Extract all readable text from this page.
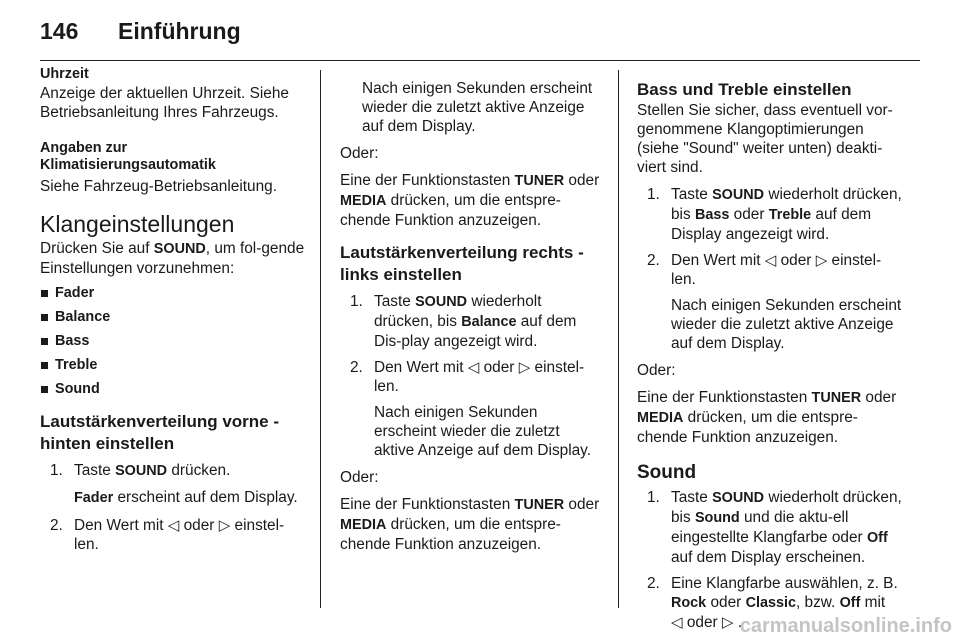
146 Einführung
Uhrzeit

Anzeige der aktuellen Uhrzeit. Siehe Betriebsanleitung Ihres Fahrzeugs.

Angaben zur
Klimatisierungsautomatik

Siehe Fahrzeug-Betriebsanleitung.

Klangeinstellungen

Drücken Sie auf SOUND, um fol-gende Einstellungen vorzunehmen:

Fader
Balance
Bass
Treble
Sound
Lautstärkenverteilung vorne - hinten einstellen
1. Taste SOUND drücken.
Fader erscheint auf dem Display.
2. Den Wert mit ◁ oder ▷ einstel-len.
Nach einigen Sekunden erscheint wieder die zuletzt aktive Anzeige auf dem Display.

Oder:

Eine der Funktionstasten TUNER oder MEDIA drücken, um die entspre-chende Funktion anzuzeigen.

Lautstärkenverteilung rechts - links einstellen
1. Taste SOUND wiederholt drücken, bis Balance auf dem Dis-play angezeigt wird.
2. Den Wert mit ◁ oder ▷ einstel-len.
Nach einigen Sekunden erscheint wieder die zuletzt aktive Anzeige auf dem Display.

Oder:

Eine der Funktionstasten TUNER oder MEDIA drücken, um die entspre-chende Funktion anzuzeigen.

Bass und Treble einstellen

Stellen Sie sicher, dass eventuell vor-genommene Klangoptimierungen (siehe "Sound" weiter unten) deakti-viert sind.

1. Taste SOUND wiederholt drücken, bis Bass oder Treble auf dem Display angezeigt wird.
2. Den Wert mit ◁ oder ▷ einstel-len.
Nach einigen Sekunden erscheint wieder die zuletzt aktive Anzeige auf dem Display.

Oder:

Eine der Funktionstasten TUNER oder MEDIA drücken, um die entspre-chende Funktion anzuzeigen.

Sound
1. Taste SOUND wiederholt drücken, bis Sound und die aktu-ell eingestellte Klangfarbe oder Off auf dem Display erscheinen.
2. Eine Klangfarbe auswählen, z. B. Rock oder Classic, bzw. Off mit
◁ oder ▷ .
carmanualsonline.info
